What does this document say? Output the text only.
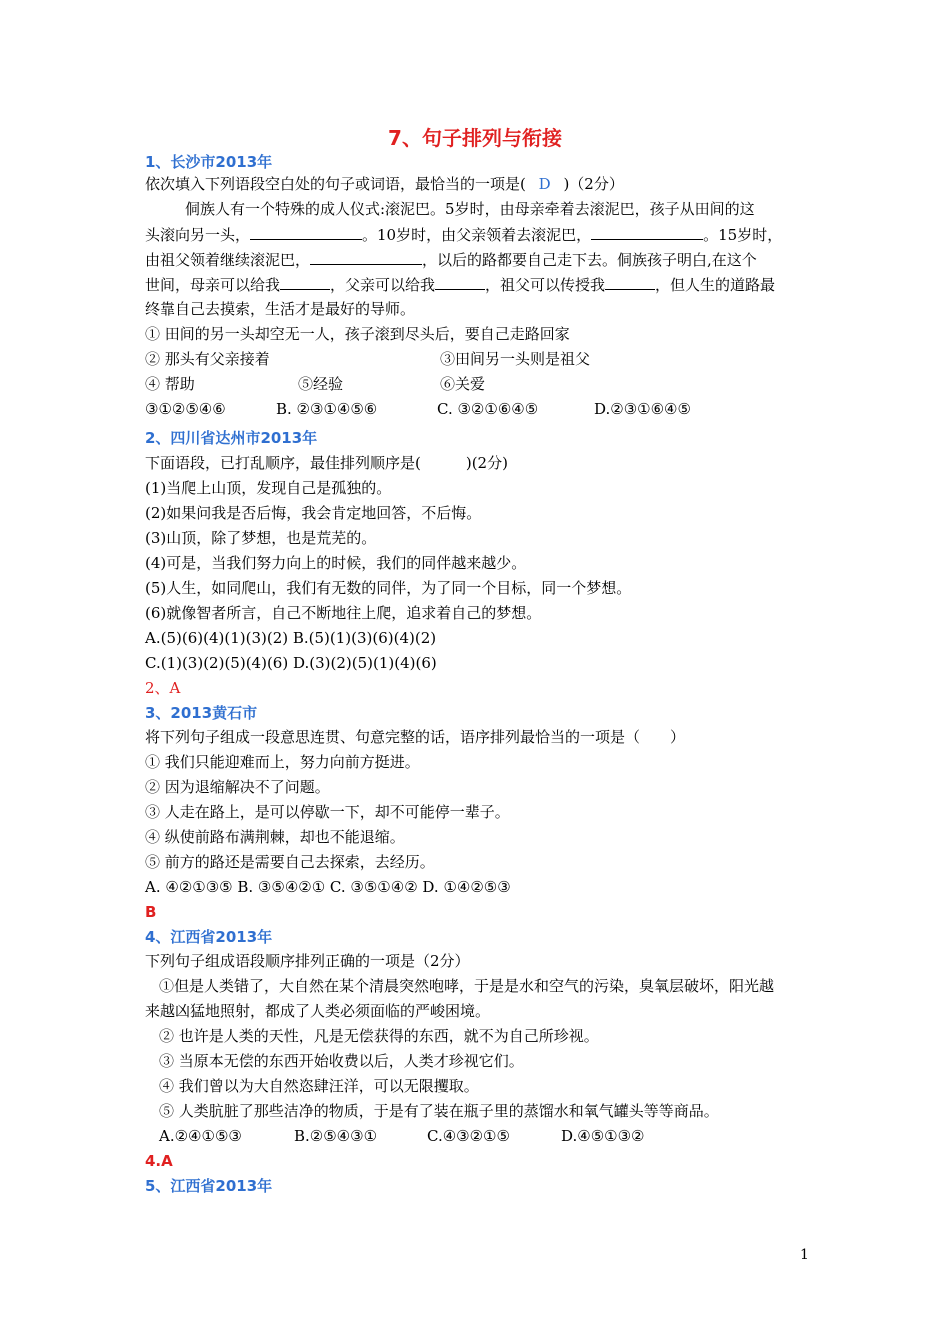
7、句子排列与衔接
1、长沙市2013年
依次填入下列语段空白处的句子或词语，最恰当的一项是( D )（2分）
侗族人有一个特殊的成人仪式:滚泥巴。5岁时，由母亲牵着去滚泥巴，孩子从田间的这
头滚向另一头，	。10岁时，由父亲领着去滚泥巴，	。15岁时，
由祖父领着继续滚泥巴，	，以后的路都要自己走下去。侗族孩子明白,在这个
世间，母亲可以给我	，父亲可以给我	，祖父可以传授我	，但人生的道路最
终靠自己去摸索，生活才是最好的导师。
① 田间的另一头却空无一人，孩子滚到尽头后，要自己走路回家
② 那头有父亲接着	③田间另一头则是祖父
④ 帮助	⑤经验	⑥关爱
③①②⑤④⑥	B. ②③①④⑤⑥	C. ③②①⑥④⑤	D.②③①⑥④⑤
2、四川省达州市2013年
下面语段，已打乱顺序，最佳排列顺序是(　　　)(2分)
(1)当爬上山顶，发现自己是孤独的。
(2)如果问我是否后悔，我会肯定地回答，不后悔。
(3)山顶，除了梦想，也是荒芜的。
(4)可是，当我们努力向上的时候，我们的同伴越来越少。
(5)人生，如同爬山，我们有无数的同伴，为了同一个目标，同一个梦想。
(6)就像智者所言，自己不断地往上爬，追求着自己的梦想。
A.(5)(6)(4)(1)(3)(2) B.(5)(1)(3)(6)(4)(2)
C.(1)(3)(2)(5)(4)(6) D.(3)(2)(5)(1)(4)(6)
2、A
3、2013黄石市
将下列句子组成一段意思连贯、句意完整的话，语序排列最恰当的一项是（　　）
① 我们只能迎难而上，努力向前方挺进。
② 因为退缩解决不了问题。
③ 人走在路上，是可以停歇一下，却不可能停一辈子。
④ 纵使前路布满荆棘，却也不能退缩。
⑤ 前方的路还是需要自己去探索，去经历。
A. ④②①③⑤ B. ③⑤④②① C. ③⑤①④② D. ①④②⑤③
B
4、江西省2013年
下列句子组成语段顺序排列正确的一项是（2分）
①但是人类错了，大自然在某个清晨突然咆哮，于是是水和空气的污染，臭氧层破坏，阳光越
来越凶猛地照射，都成了人类必须面临的严峻困境。
② 也许是人类的天性，凡是无偿获得的东西，就不为自己所珍视。
③ 当原本无偿的东西开始收费以后，人类才珍视它们。
④ 我们曾以为大自然恣肆汪洋，可以无限攫取。
⑤ 人类肮脏了那些洁净的物质，于是有了装在瓶子里的蒸馏水和氧气罐头等等商品。
A.②④①⑤③	B.②⑤④③①	C.④③②①⑤	D.④⑤①③②
4.A
5、江西省2013年
1
